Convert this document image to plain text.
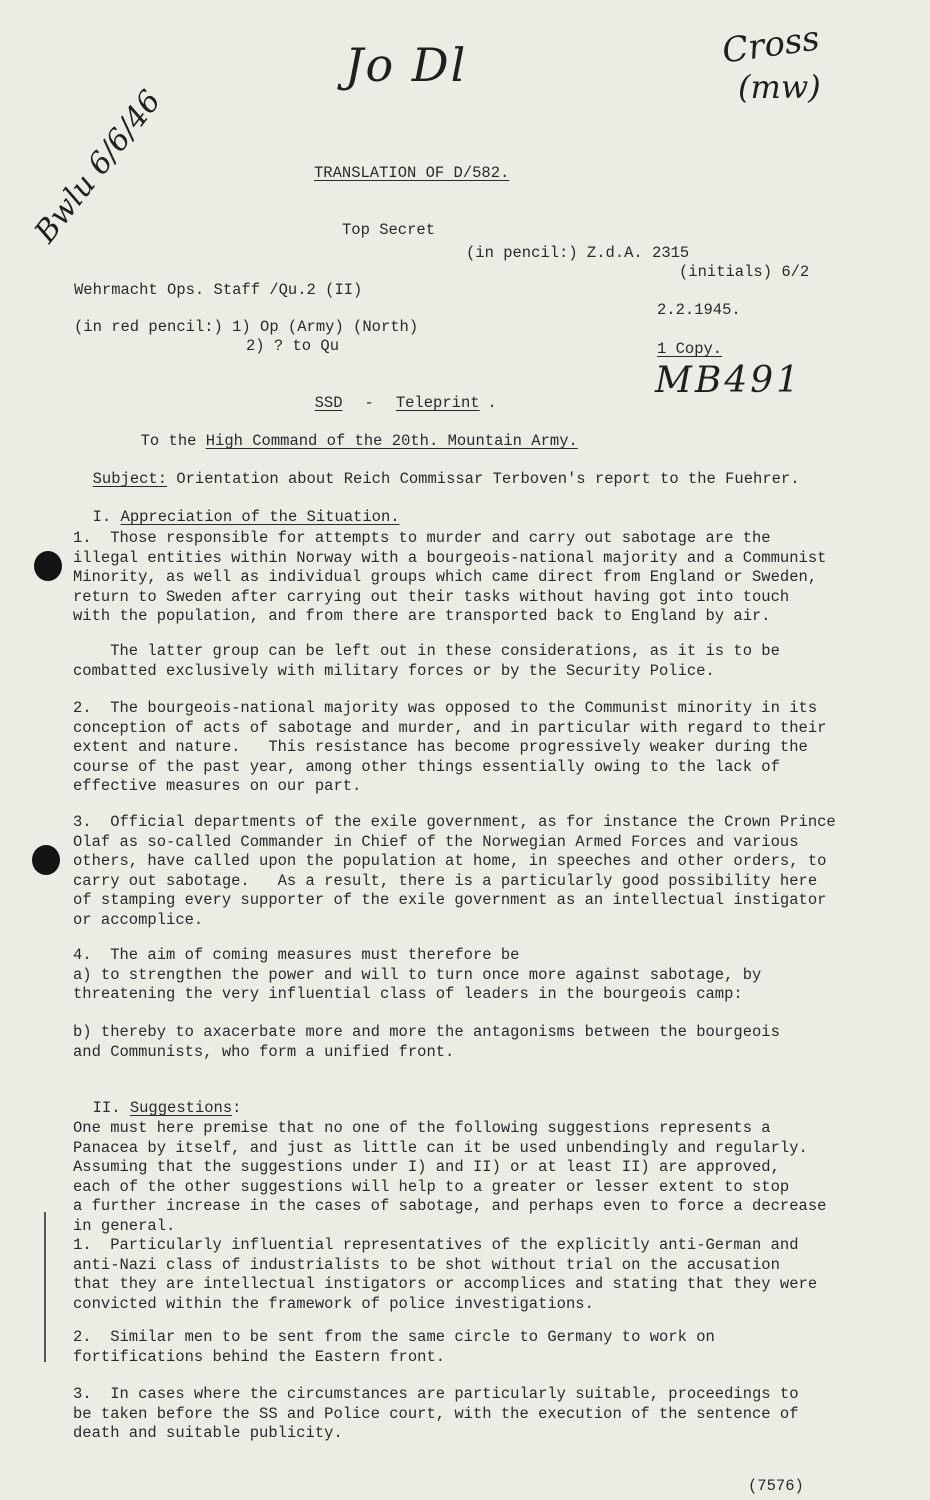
Jo Dl	Cross
(mw)
Bwlu 6/6/46
MB491
TRANSLATION OF D/582.
Top Secret
(in pencil:) Z.d.A. 2315
(initials) 6/2
Wehrmacht Ops. Staff /Qu.2 (II)
2.2.1945.
(in red pencil:) 1) Op (Army) (North)
2) ? to Qu	1 Copy.

SSD - Teleprint .

To the High Command of the 20th. Mountain Army.

Subject: Orientation about Reich Commissar Terboven's report to the Fuehrer.

I. Appreciation of the Situation.

1.  Those responsible for attempts to murder and carry out sabotage are the
illegal entities within Norway with a bourgeois-national majority and a Communist
Minority, as well as individual groups which came direct from England or Sweden,
return to Sweden after carrying out their tasks without having got into touch
with the population, and from there are transported back to England by air.
The latter group can be left out in these considerations, as it is to be
combatted exclusively with military forces or by the Security Police.
2.  The bourgeois-national majority was opposed to the Communist minority in its
conception of acts of sabotage and murder, and in particular with regard to their
extent and nature.   This resistance has become progressively weaker during the
course of the past year, among other things essentially owing to the lack of
effective measures on our part.
3.  Official departments of the exile government, as for instance the Crown Prince
Olaf as so-called Commander in Chief of the Norwegian Armed Forces and various
others, have called upon the population at home, in speeches and other orders, to
carry out sabotage.   As a result, there is a particularly good possibility here
of stamping every supporter of the exile government as an intellectual instigator
or accomplice.
4.  The aim of coming measures must therefore be
a) to strengthen the power and will to turn once more against sabotage, by
threatening the very influential class of leaders in the bourgeois camp:
b) thereby to axacerbate more and more the antagonisms between the bourgeois
and Communists, who form a unified front.

II. Suggestions:

One must here premise that no one of the following suggestions represents a
Panacea by itself, and just as little can it be used unbendingly and regularly.
Assuming that the suggestions under I) and II) or at least II) are approved,
each of the other suggestions will help to a greater or lesser extent to stop
a further increase in the cases of sabotage, and perhaps even to force a decrease
in general.
1.  Particularly influential representatives of the explicitly anti-German and
anti-Nazi class of industrialists to be shot without trial on the accusation
that they are intellectual instigators or accomplices and stating that they were
convicted within the framework of police investigations.
2.  Similar men to be sent from the same circle to Germany to work on
fortifications behind the Eastern front.
3.  In cases where the circumstances are particularly suitable, proceedings to
be taken before the SS and Police court, with the execution of the sentence of
death and suitable publicity.
(7576)
